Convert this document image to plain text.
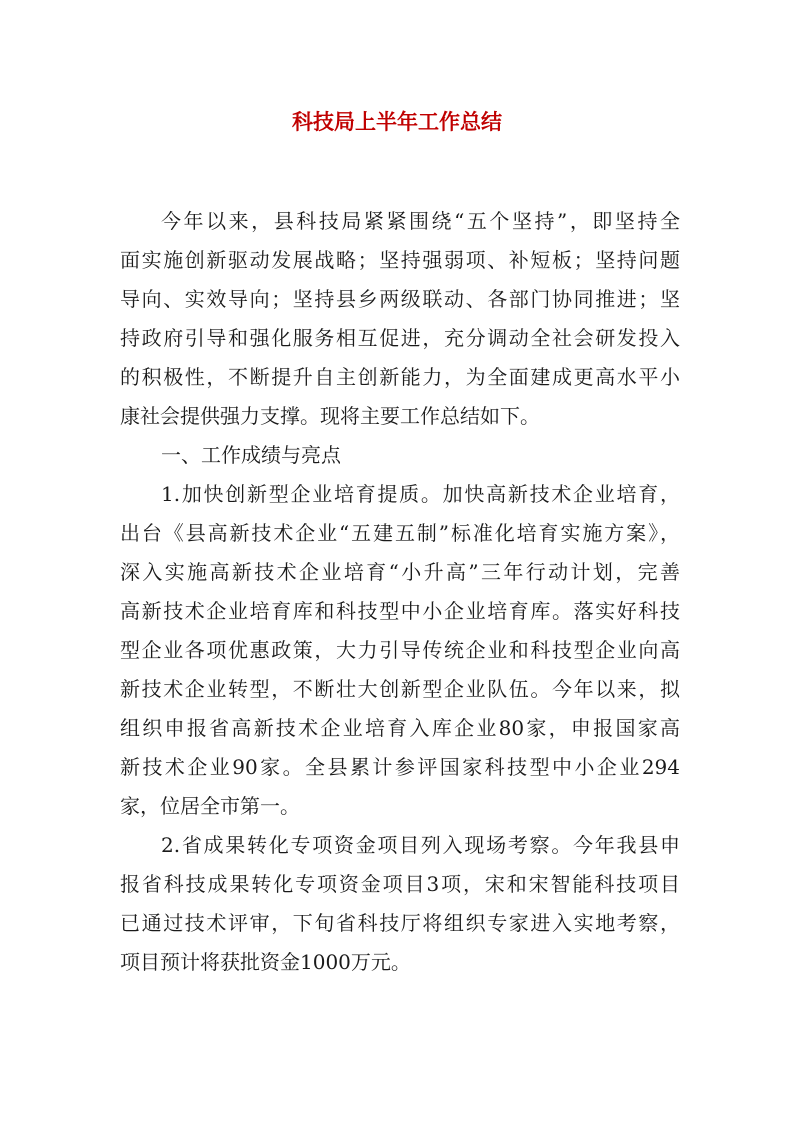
科技局上半年工作总结
今年以来，县科技局紧紧围绕“五个坚持”，即坚持全
面实施创新驱动发展战略；坚持强弱项、补短板；坚持问题
导向、实效导向；坚持县乡两级联动、各部门协同推进；坚
持政府引导和强化服务相互促进，充分调动全社会研发投入
的积极性，不断提升自主创新能力，为全面建成更高水平小
康社会提供强力支撑。现将主要工作总结如下。
一、工作成绩与亮点
1.加快创新型企业培育提质。加快高新技术企业培育，
出台《县高新技术企业“五建五制”标准化培育实施方案》，
深入实施高新技术企业培育“小升高”三年行动计划，完善
高新技术企业培育库和科技型中小企业培育库。落实好科技
型企业各项优惠政策，大力引导传统企业和科技型企业向高
新技术企业转型，不断壮大创新型企业队伍。今年以来，拟
组织申报省高新技术企业培育入库企业80家，申报国家高
新技术企业90家。全县累计参评国家科技型中小企业294
家，位居全市第一。
2.省成果转化专项资金项目列入现场考察。今年我县申
报省科技成果转化专项资金项目3项，宋和宋智能科技项目
已通过技术评审，下旬省科技厅将组织专家进入实地考察，
项目预计将获批资金1000万元。
